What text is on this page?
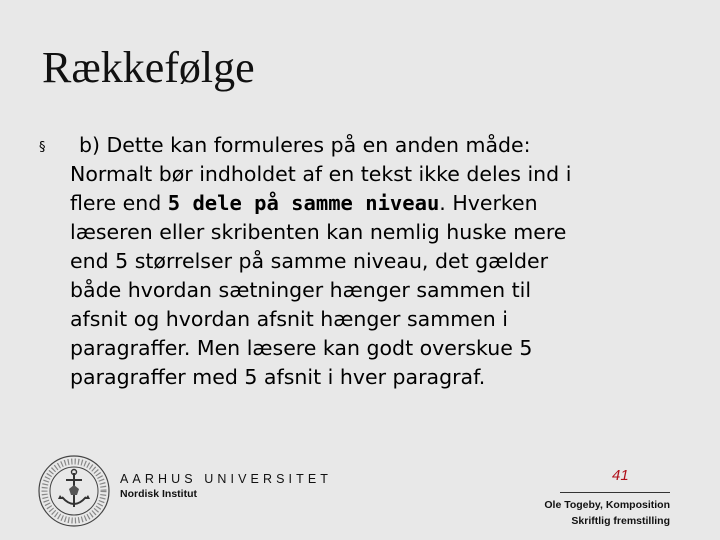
Rækkefølge
§	b) Dette kan formuleres på en anden måde:
Normalt bør indholdet af en tekst ikke deles ind i
flere end 5 dele på samme niveau. Hverken
læseren eller skribenten kan nemlig huske mere
end 5 størrelser på samme niveau, det gælder
både hvordan sætninger hænger sammen til
afsnit og hvordan afsnit hænger sammen i
paragraffer. Men læsere kan godt overskue 5
paragraffer med 5 afsnit i hver paragraf.
AARHUS UNIVERSITET
Nordisk Institut
41
Ole Togeby, Komposition
Skriftlig fremstilling
